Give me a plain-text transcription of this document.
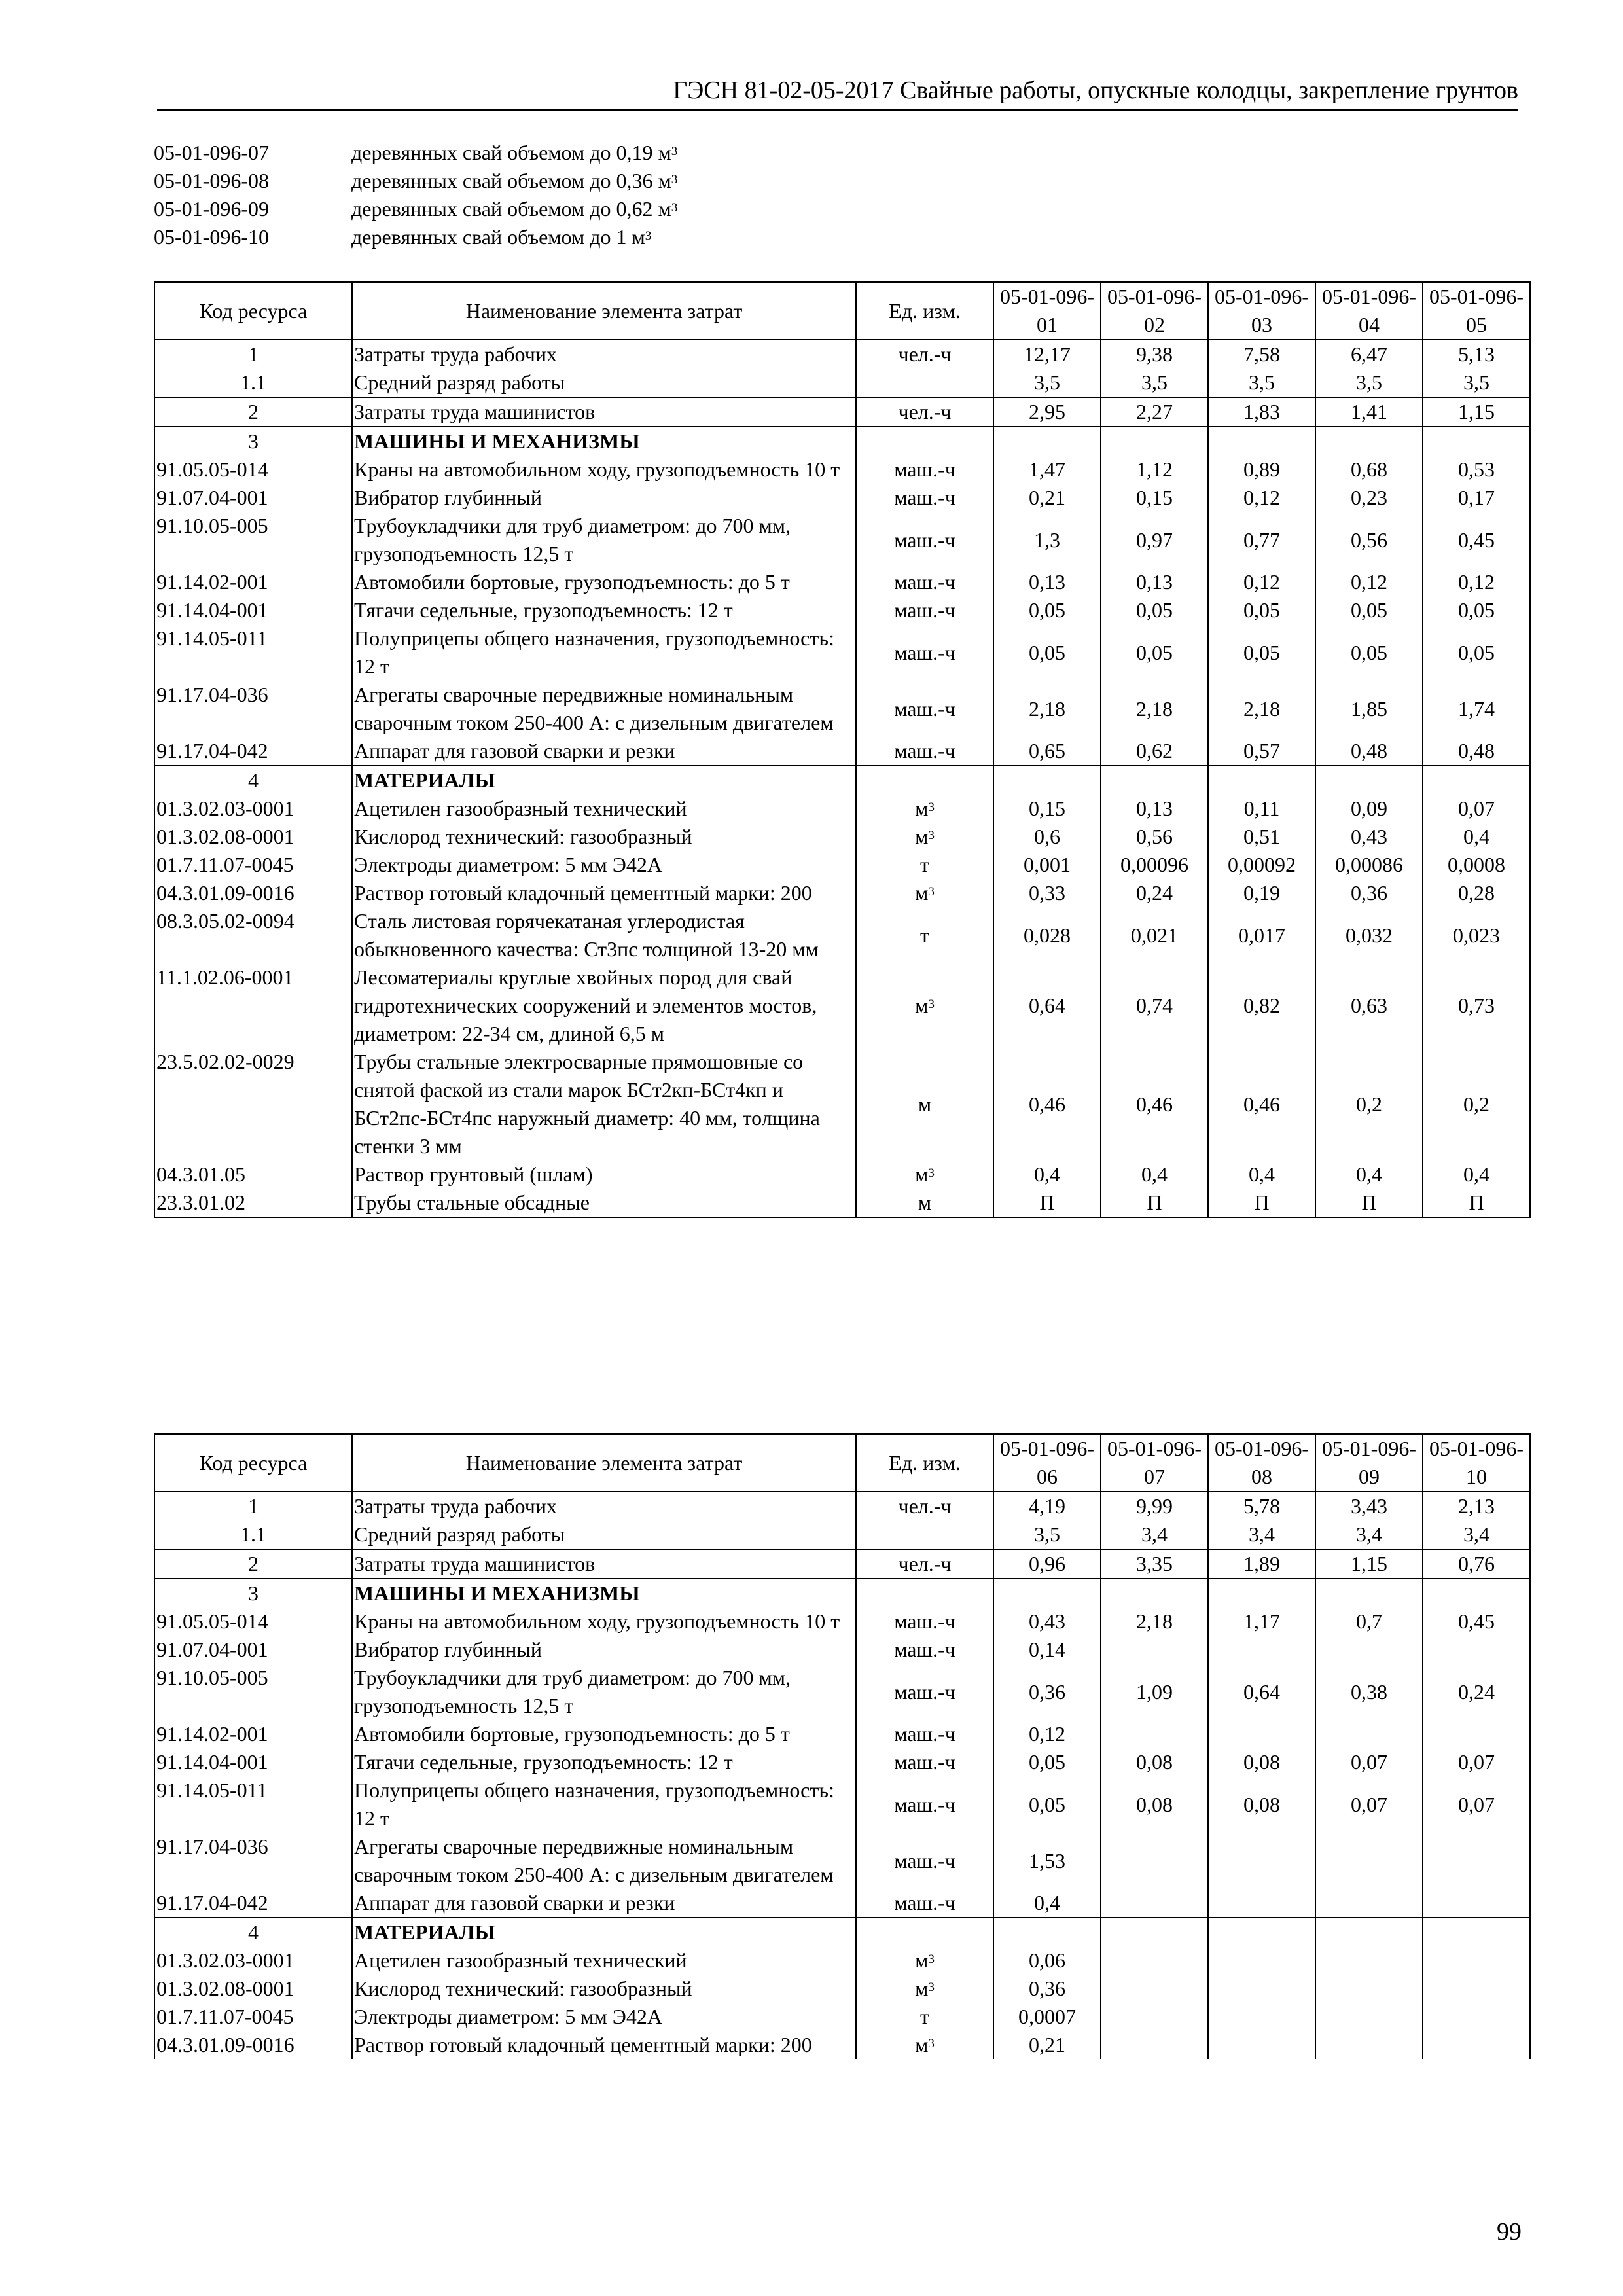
ГЭСН 81-02-05-2017 Свайные работы, опускные колодцы, закрепление грунтов
05-01-096-07	деревянных свай объемом до 0,19 $м^3$
05-01-096-08	деревянных свай объемом до 0,36 $м^3$
05-01-096-09	деревянных свай объемом до 0,62 $м^3$
05-01-096-10	деревянных свай объемом до 1 $м^3$
Код ресурса	Наименование элемента затрат	Ед. изм.	05-01-096-01	05-01-096-02	05-01-096-03	05-01-096-04	05-01-096-05
1	Затраты труда рабочих	чел.-ч	12,17	9,38	7,58	6,47	5,13
1.1	Средний разряд работы		3,5	3,5	3,5	3,5	3,5
2	Затраты труда машинистов	чел.-ч	2,95	2,27	1,83	1,41	1,15
3	МАШИНЫ И МЕХАНИЗМЫ						
91.05.05-014	Краны на автомобильном ходу, грузоподъемность 10 т	маш.-ч	1,47	1,12	0,89	0,68	0,53
91.07.04-001	Вибратор глубинный	маш.-ч	0,21	0,15	0,12	0,23	0,17
91.10.05-005	Трубоукладчики для труб диаметром: до 700 мм, грузоподъемность 12,5 т	маш.-ч	1,3	0,97	0,77	0,56	0,45
91.14.02-001	Автомобили бортовые, грузоподъемность: до 5 т	маш.-ч	0,13	0,13	0,12	0,12	0,12
91.14.04-001	Тягачи седельные, грузоподъемность: 12 т	маш.-ч	0,05	0,05	0,05	0,05	0,05
91.14.05-011	Полуприцепы общего назначения, грузоподъемность: 12 т	маш.-ч	0,05	0,05	0,05	0,05	0,05
91.17.04-036	Агрегаты сварочные передвижные номинальным сварочным током 250-400 А: с дизельным двигателем	маш.-ч	2,18	2,18	2,18	1,85	1,74
91.17.04-042	Аппарат для газовой сварки и резки	маш.-ч	0,65	0,62	0,57	0,48	0,48
4	МАТЕРИАЛЫ						
01.3.02.03-0001	Ацетилен газообразный технический	$м^3$	0,15	0,13	0,11	0,09	0,07
01.3.02.08-0001	Кислород технический: газообразный	$м^3$	0,6	0,56	0,51	0,43	0,4
01.7.11.07-0045	Электроды диаметром: 5 мм Э42А	т	0,001	0,00096	0,00092	0,00086	0,0008
04.3.01.09-0016	Раствор готовый кладочный цементный марки: 200	$м^3$	0,33	0,24	0,19	0,36	0,28
08.3.05.02-0094	Сталь листовая горячекатаная углеродистая обыкновенного качества: Ст3пс толщиной 13-20 мм	т	0,028	0,021	0,017	0,032	0,023
11.1.02.06-0001	Лесоматериалы круглые хвойных пород для свай гидротехнических сооружений и элементов мостов, диаметром: 22-34 см, длиной 6,5 м	$м^3$	0,64	0,74	0,82	0,63	0,73
23.5.02.02-0029	Трубы стальные электросварные прямошовные со снятой фаской из стали марок БСт2кп-БСт4кп и БСт2пс-БСт4пс наружный диаметр: 40 мм, толщина стенки 3 мм	м	0,46	0,46	0,46	0,2	0,2
04.3.01.05	Раствор грунтовый (шлам)	$м^3$	0,4	0,4	0,4	0,4	0,4
23.3.01.02	Трубы стальные обсадные	м	П	П	П	П	П
Код ресурса	Наименование элемента затрат	Ед. изм.	05-01-096-06	05-01-096-07	05-01-096-08	05-01-096-09	05-01-096-10
1	Затраты труда рабочих	чел.-ч	4,19	9,99	5,78	3,43	2,13
1.1	Средний разряд работы		3,5	3,4	3,4	3,4	3,4
2	Затраты труда машинистов	чел.-ч	0,96	3,35	1,89	1,15	0,76
3	МАШИНЫ И МЕХАНИЗМЫ						
91.05.05-014	Краны на автомобильном ходу, грузоподъемность 10 т	маш.-ч	0,43	2,18	1,17	0,7	0,45
91.07.04-001	Вибратор глубинный	маш.-ч	0,14				
91.10.05-005	Трубоукладчики для труб диаметром: до 700 мм, грузоподъемность 12,5 т	маш.-ч	0,36	1,09	0,64	0,38	0,24
91.14.02-001	Автомобили бортовые, грузоподъемность: до 5 т	маш.-ч	0,12				
91.14.04-001	Тягачи седельные, грузоподъемность: 12 т	маш.-ч	0,05	0,08	0,08	0,07	0,07
91.14.05-011	Полуприцепы общего назначения, грузоподъемность: 12 т	маш.-ч	0,05	0,08	0,08	0,07	0,07
91.17.04-036	Агрегаты сварочные передвижные номинальным сварочным током 250-400 А: с дизельным двигателем	маш.-ч	1,53				
91.17.04-042	Аппарат для газовой сварки и резки	маш.-ч	0,4				
4	МАТЕРИАЛЫ						
01.3.02.03-0001	Ацетилен газообразный технический	$м^3$	0,06				
01.3.02.08-0001	Кислород технический: газообразный	$м^3$	0,36				
01.7.11.07-0045	Электроды диаметром: 5 мм Э42А	т	0,0007				
04.3.01.09-0016	Раствор готовый кладочный цементный марки: 200	$м^3$	0,21				
99
